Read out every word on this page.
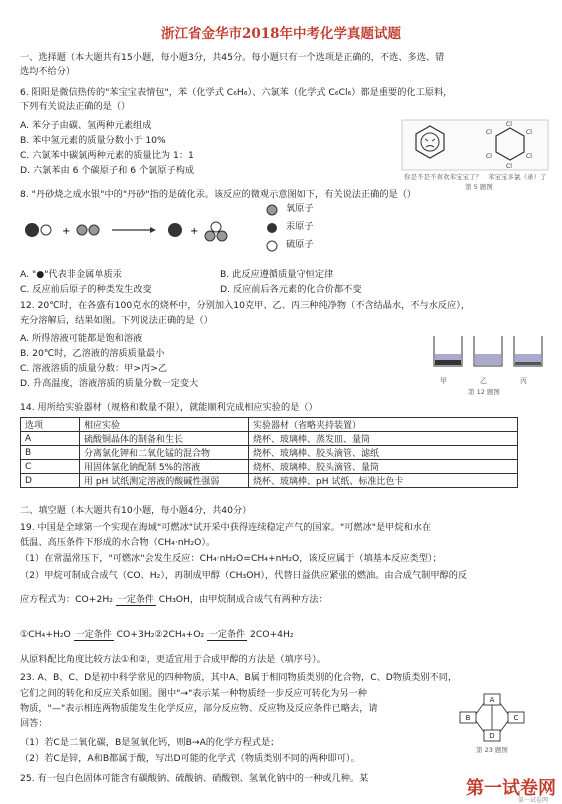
浙江省金华市2018年中考化学真题试题
一、选择题（本大题共有15小题，每小题3分，共45分。每小题只有一个选项是正确的，不选、多选、错
选均不给分）
6. 阳阳是微信热传的"苯宝宝表情包"，苯（化学式 C₆H₆）、六氯苯（化学式 C₆Cl₆）都是重要的化工原料，
下列有关说法正确的是（）
A. 苯分子由碳、氢两种元素组成
B. 苯中氢元素的质量分数小于 10%
C. 六氯苯中碳氯两种元素的质量比为 1：1
D. 六氯苯由 6 个碳原子和 6 个氯原子构成
Cl
Cl
Cl
Cl
Cl
Cl
你是不是不喜欢苯宝宝了？ 苯宝宝多氯（录）了
第 5 题图
8. "丹砂烧之成水银"中的"丹砂"指的是硫化汞。该反应的微观示意图如下，有关说法正确的是（）
+	+
氧原子
汞原子
硫原子
A. "●"代表非金属单质汞	B. 此反应遵循质量守恒定律
C. 反应前后原子的种类发生改变	D. 反应前后各元素的化合价都不变
12. 20℃时，在各盛有100克水的烧杯中，分别加入10克甲、乙、丙三种纯净物（不含结晶水，不与水反应），
充分溶解后，结果如图。下列说法正确的是（）
A. 所得溶液可能都是饱和溶液
B. 20℃时，乙溶液的溶质质量最小
C. 溶液溶质的质量分数：甲>丙>乙
D. 升高温度，溶液溶质的质量分数一定变大	甲	乙	丙
第 12 题图
14. 用所给实验器材（规格和数量不限），就能顺利完成相应实验的是（）
选项	相应实验	实验器材（省略夹持装置）
A	硫酸铜晶体的制备和生长	烧杯、玻璃棒、蒸发皿、量筒
B	分离氯化钾和二氧化锰的混合物	烧杯、玻璃棒、胶头滴管、滤纸
C	用固体氯化钠配制 5%的溶液	烧杯、玻璃棒、胶头滴管、量筒
D	用 pH 试纸测定溶液的酸碱性强弱	烧杯、玻璃棒、pH 试纸、标准比色卡
二、填空题（本大题共有10小题，每小题4分，共40分）
19. 中国是全球第一个实现在海域"可燃冰"试开采中获得连续稳定产气的国家。"可燃冰"是甲烷和水在
低温、高压条件下形成的水合物（CH₄·nH₂O）。
（1）在常温常压下，"可燃冰"会发生反应：CH₄·nH₂O=CH₄+nH₂O，该反应属于（填基本反应类型）；
（2）甲烷可制成合成气（CO、H₂），再制成甲醇（CH₃OH），代替日益供应紧张的燃油。由合成气制甲醇的反
应方程式为：CO+2H₂ 一定条件 CH₃OH，由甲烷制成合成气有两种方法：
①CH₄+H₂O 一定条件 CO+3H₂②2CH₄+O₂ 一定条件 2CO+4H₂
从原料配比角度比较方法①和②，更适宜用于合成甲醇的方法是（填序号）。
23. A、B、C、D是初中科学常见的四种物质，其中A、B属于相同物质类别的化合物，C、D物质类别不同，
它们之间的转化和反应关系如图。图中"→"表示某一种物质经一步反应可转化为另一种
物质，"—"表示相连两物质能发生化学反应，部分反应物、反应物及反应条件已略去，请
回答：
（1）若C是二氧化碳，B是氢氧化钙，则B→A的化学方程式是；
（2）若C是锌，A和B都属于酸，写出D可能的化学式（物质类别不同的两种即可）。
A
B	C
D
第 23 题图
25. 有一包白色固体可能含有碳酸钠、硫酸钠、硝酸钡、氢氧化钠中的一种或几种。某	第一试卷网
第一试卷网
